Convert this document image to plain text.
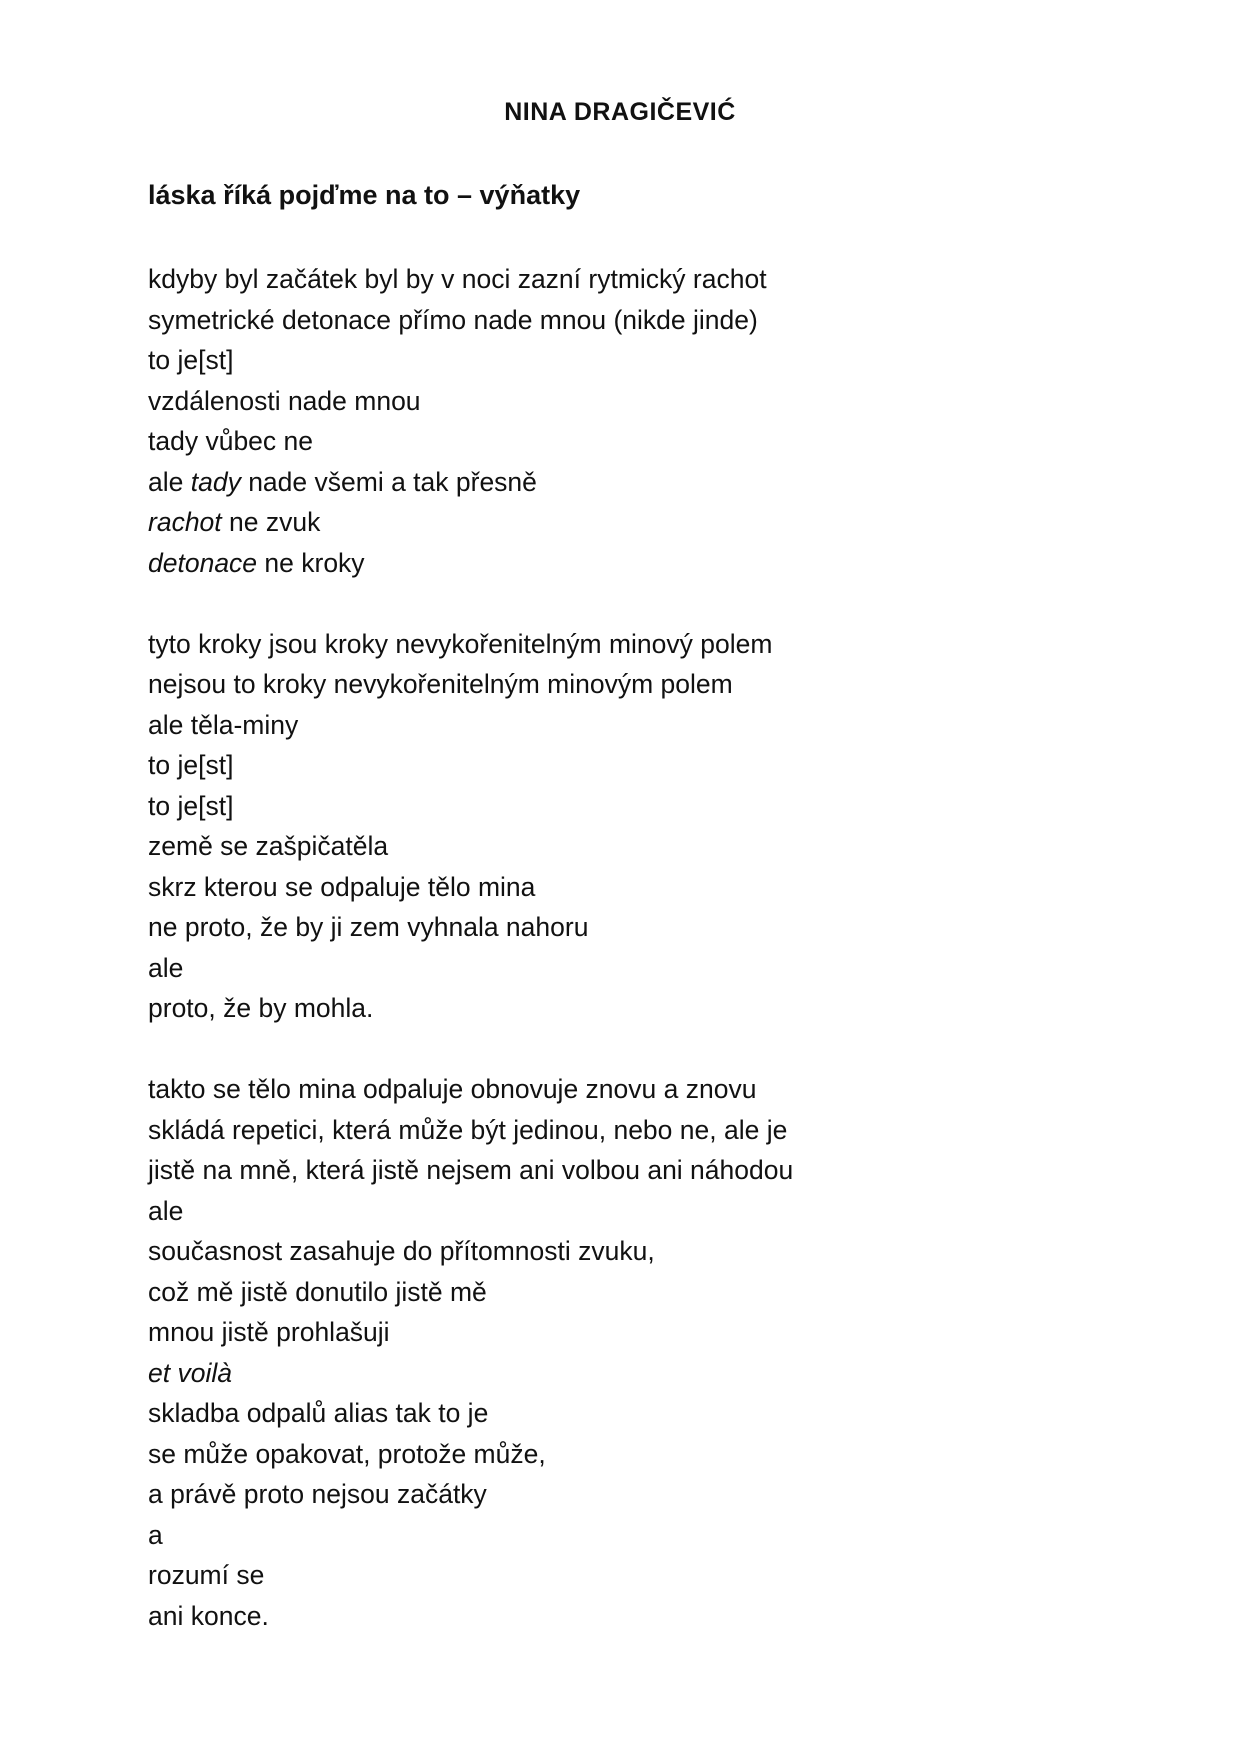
NINA DRAGIČEVIĆ
láska říká pojďme na to – výňatky
kdyby byl začátek byl by v noci zazní rytmický rachot
symetrické detonace přímo nade mnou (nikde jinde)
to je[st]
vzdálenosti nade mnou
tady vůbec ne
ale tady nade všemi a tak přesně
rachot ne zvuk
detonace ne kroky
tyto kroky jsou kroky nevykořenitelným minový polem
nejsou to kroky nevykořenitelným minovým polem
ale těla-miny
to je[st]
to je[st]
země se zašpičatěla
skrz kterou se odpaluje tělo mina
ne proto, že by ji zem vyhnala nahoru
ale
proto, že by mohla.
takto se tělo mina odpaluje obnovuje znovu a znovu
skládá repetici, která může být jedinou, nebo ne, ale je
jistě na mně, která jistě nejsem ani volbou ani náhodou
ale
současnost zasahuje do přítomnosti zvuku,
což mě jistě donutilo jistě mě
mnou jistě prohlašuji
et voilà
skladba odpalů alias tak to je
se může opakovat, protože může,
a právě proto nejsou začátky
a
rozumí se
ani konce.
